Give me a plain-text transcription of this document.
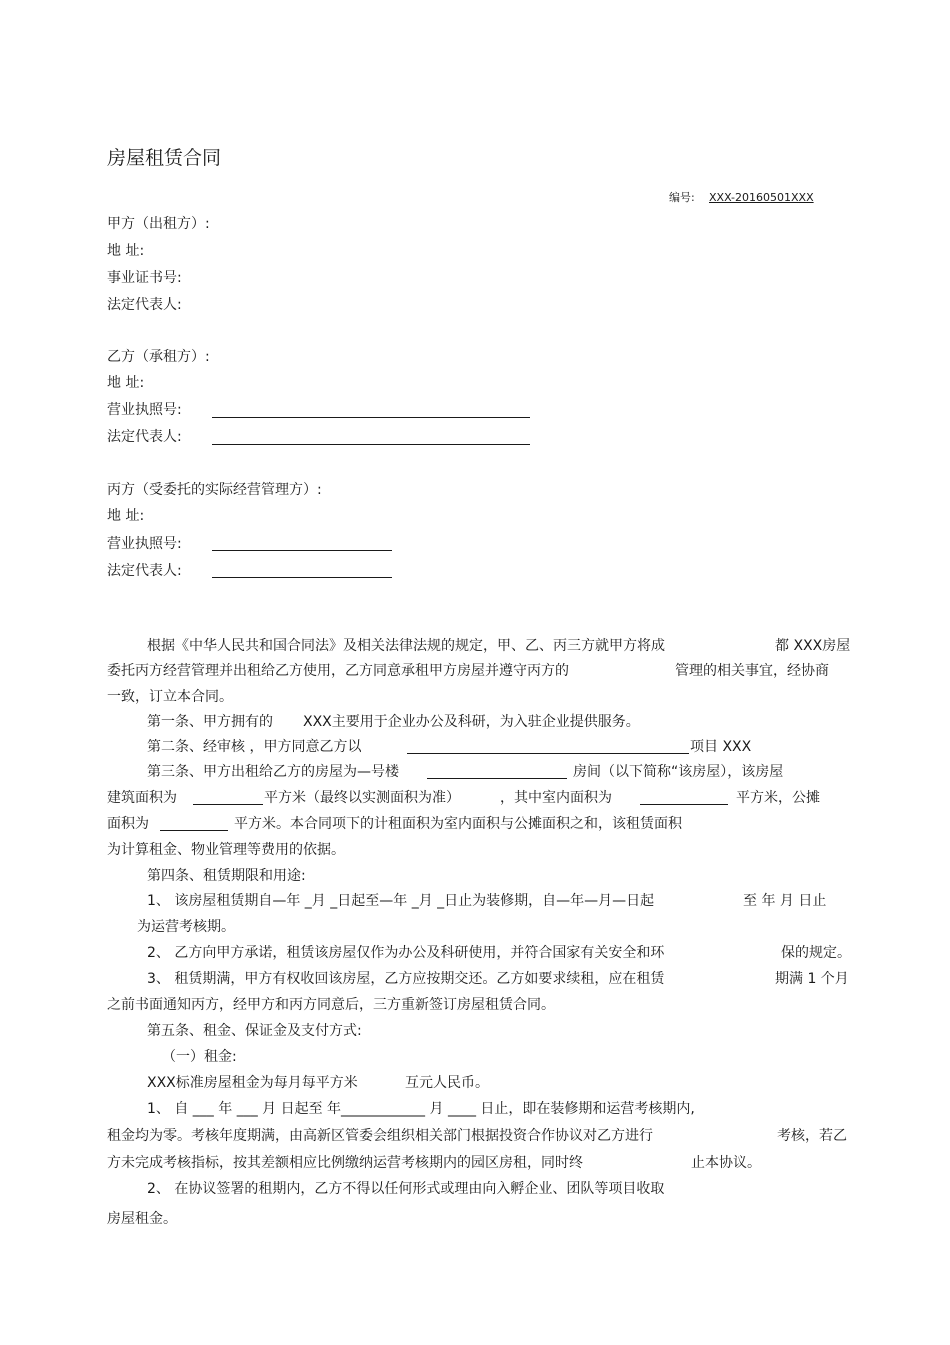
房屋租赁合同
编号: XXX-20160501XXX
甲方（出租方）:
地 址:
事业证书号:
法定代表人:
乙方（承租方）:
地 址:
营业执照号:
法定代表人:
丙方（受委托的实际经营管理方）:
地 址:
营业执照号:
法定代表人:
根据《中华人民共和国合同法》及相关法律法规的规定，甲、乙、丙三方就甲方将成	都 XXX房屋
委托丙方经营管理并出租给乙方使用，乙方同意承租甲方房屋并遵守丙方的	管理的相关事宜，经协商
一致，订立本合同。
第一条、甲方拥有的 XXX主要用于企业办公及科研，为入驻企业提供服务。
第二条、经审核 ，甲方同意乙方以	项目 XXX
第三条、甲方出租给乙方的房屋为—号楼	房间（以下简称“该房屋），该房屋
建筑面积为	平方米（最终以实测面积为准）	，其中室内面积为	平方米，公摊
面积为	平方米。本合同项下的计租面积为室内面积与公摊面积之和，该租赁面积
为计算租金、物业管理等费用的依据。
第四条、租赁期限和用途:
1、 该房屋租赁期自—年 _月 _日起至—年 _月 _日止为装修期，自—年—月—日起	至 年 月 日止
为运营考核期。
2、 乙方向甲方承诺，租赁该房屋仅作为办公及科研使用，并符合国家有关安全和环	保的规定。
3、 租赁期满，甲方有权收回该房屋，乙方应按期交还。乙方如要求续租，应在租赁	期满 1 个月
之前书面通知丙方，经甲方和丙方同意后，三方重新签订房屋租赁合同。
第五条、租金、保证金及支付方式:
（一）租金:
XXX标准房屋租金为每月每平方米	互元人民币。
1、 自 ___ 年 ___ 月 日起至 年____________ 月 ____ 日止，即在装修期和运营考核期内,
租金均为零。考核年度期满，由高新区管委会组织相关部门根据投资合作协议对乙方进行	考核，若乙
方未完成考核指标，按其差额相应比例缴纳运营考核期内的园区房租，同时终	止本协议。
2、 在协议签署的租期内，乙方不得以任何形式或理由向入孵企业、团队等项目收取
房屋租金。
